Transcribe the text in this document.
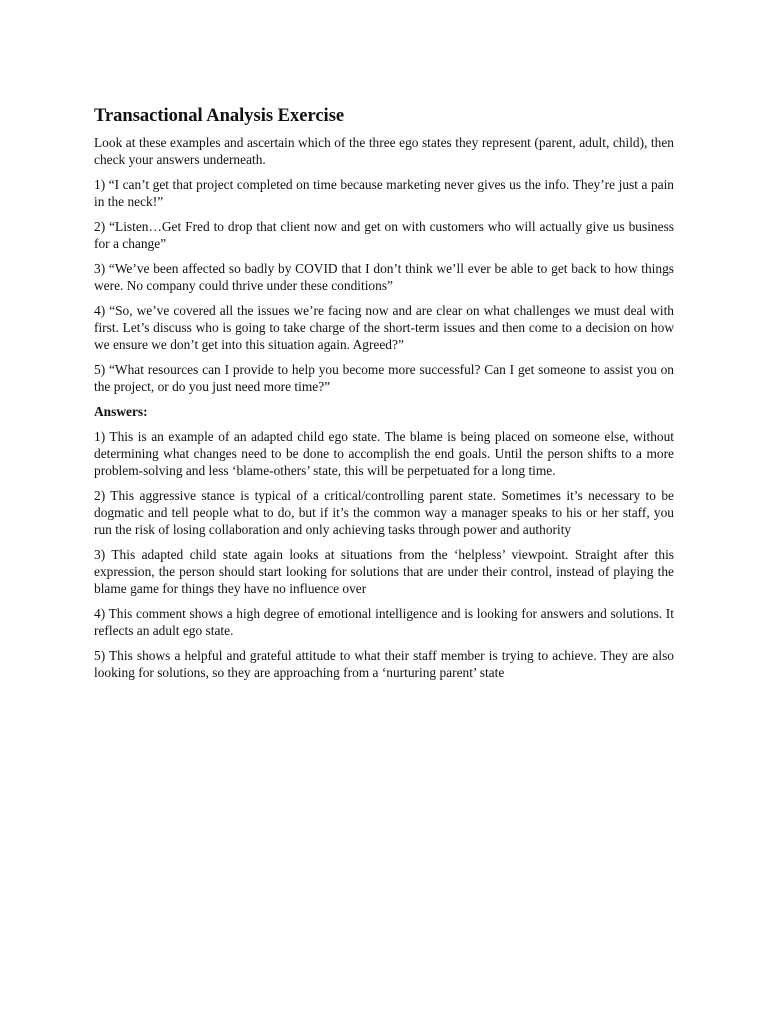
Transactional Analysis Exercise

Look at these examples and ascertain which of the three ego states they represent (parent, adult, child), then check your answers underneath.

1) “I can’t get that project completed on time because marketing never gives us the info. They’re just a pain in the neck!”

2) “Listen…Get Fred to drop that client now and get on with customers who will actually give us business for a change”

3) “We’ve been affected so badly by COVID that I don’t think we’ll ever be able to get back to how things were. No company could thrive under these conditions”

4) “So, we’ve covered all the issues we’re facing now and are clear on what challenges we must deal with first. Let’s discuss who is going to take charge of the short-term issues and then come to a decision on how we ensure we don’t get into this situation again. Agreed?”

5) “What resources can I provide to help you become more successful? Can I get someone to assist you on the project, or do you just need more time?”

Answers:

1) This is an example of an adapted child ego state. The blame is being placed on someone else, without determining what changes need to be done to accomplish the end goals. Until the person shifts to a more problem-solving and less ‘blame-others’ state, this will be perpetuated for a long time.

2) This aggressive stance is typical of a critical/controlling parent state. Sometimes it’s necessary to be dogmatic and tell people what to do, but if it’s the common way a manager speaks to his or her staff, you run the risk of losing collaboration and only achieving tasks through power and authority

3) This adapted child state again looks at situations from the ‘helpless’ viewpoint. Straight after this expression, the person should start looking for solutions that are under their control, instead of playing the blame game for things they have no influence over

4) This comment shows a high degree of emotional intelligence and is looking for answers and solutions. It reflects an adult ego state.

5) This shows a helpful and grateful attitude to what their staff member is trying to achieve. They are also looking for solutions, so they are approaching from a ‘nurturing parent’ state
